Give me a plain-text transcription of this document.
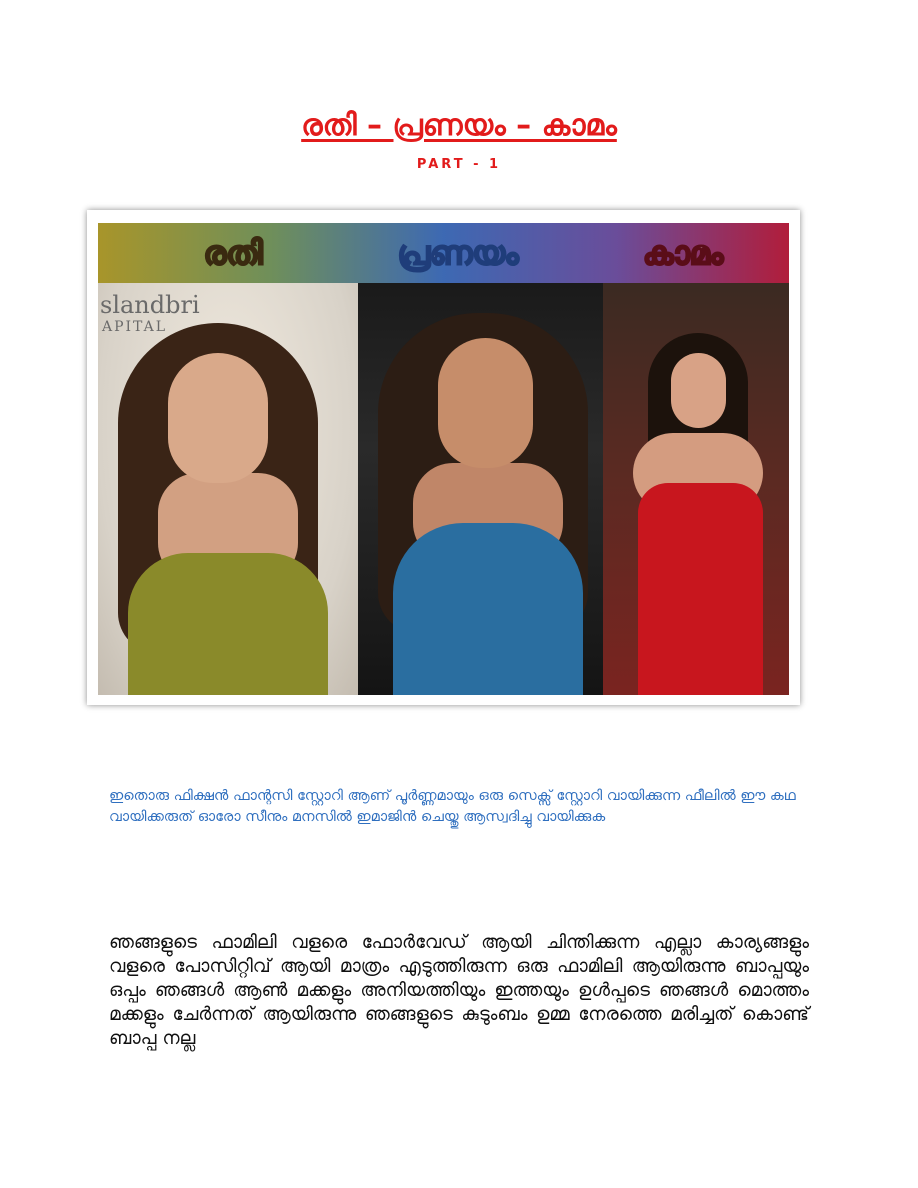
രതി – പ്രണയം – കാമം
PART - 1
രതി	പ്രണയം	കാമം
slandbri
APITAL
ഇതൊരു ഫിക്ഷൻ ഫാന്റസി സ്റ്റോറി ആണ് പൂർണ്ണമായും ഒരു സെക്സ് സ്റ്റോറി വായിക്കുന്ന ഫീലിൽ ഈ കഥ വായിക്കരുത് ഓരോ സീനും മനസിൽ ഇമാജിൻ ചെയ്തു ആസ്വദിച്ചു വായിക്കുക
ഞങ്ങളുടെ ഫാമിലി വളരെ ഫോർവേഡ് ആയി ചിന്തിക്കുന്ന എല്ലാ കാര്യങ്ങളും വളരെ പോസിറ്റിവ് ആയി മാത്രം എടുത്തിരുന്ന ഒരു ഫാമിലി ആയിരുന്നു ബാപ്പയും ഒപ്പം ഞങ്ങൾ ആൺ മക്കളും അനിയത്തിയും ഇത്തയും ഉൾപ്പടെ ഞങ്ങൾ മൊത്തം മക്കളും ചേർന്നത് ആയിരുന്നു ഞങ്ങളുടെ കുടുംബം ഉമ്മ നേരത്തെ മരിച്ചത് കൊണ്ട് ബാപ്പ നല്ല
